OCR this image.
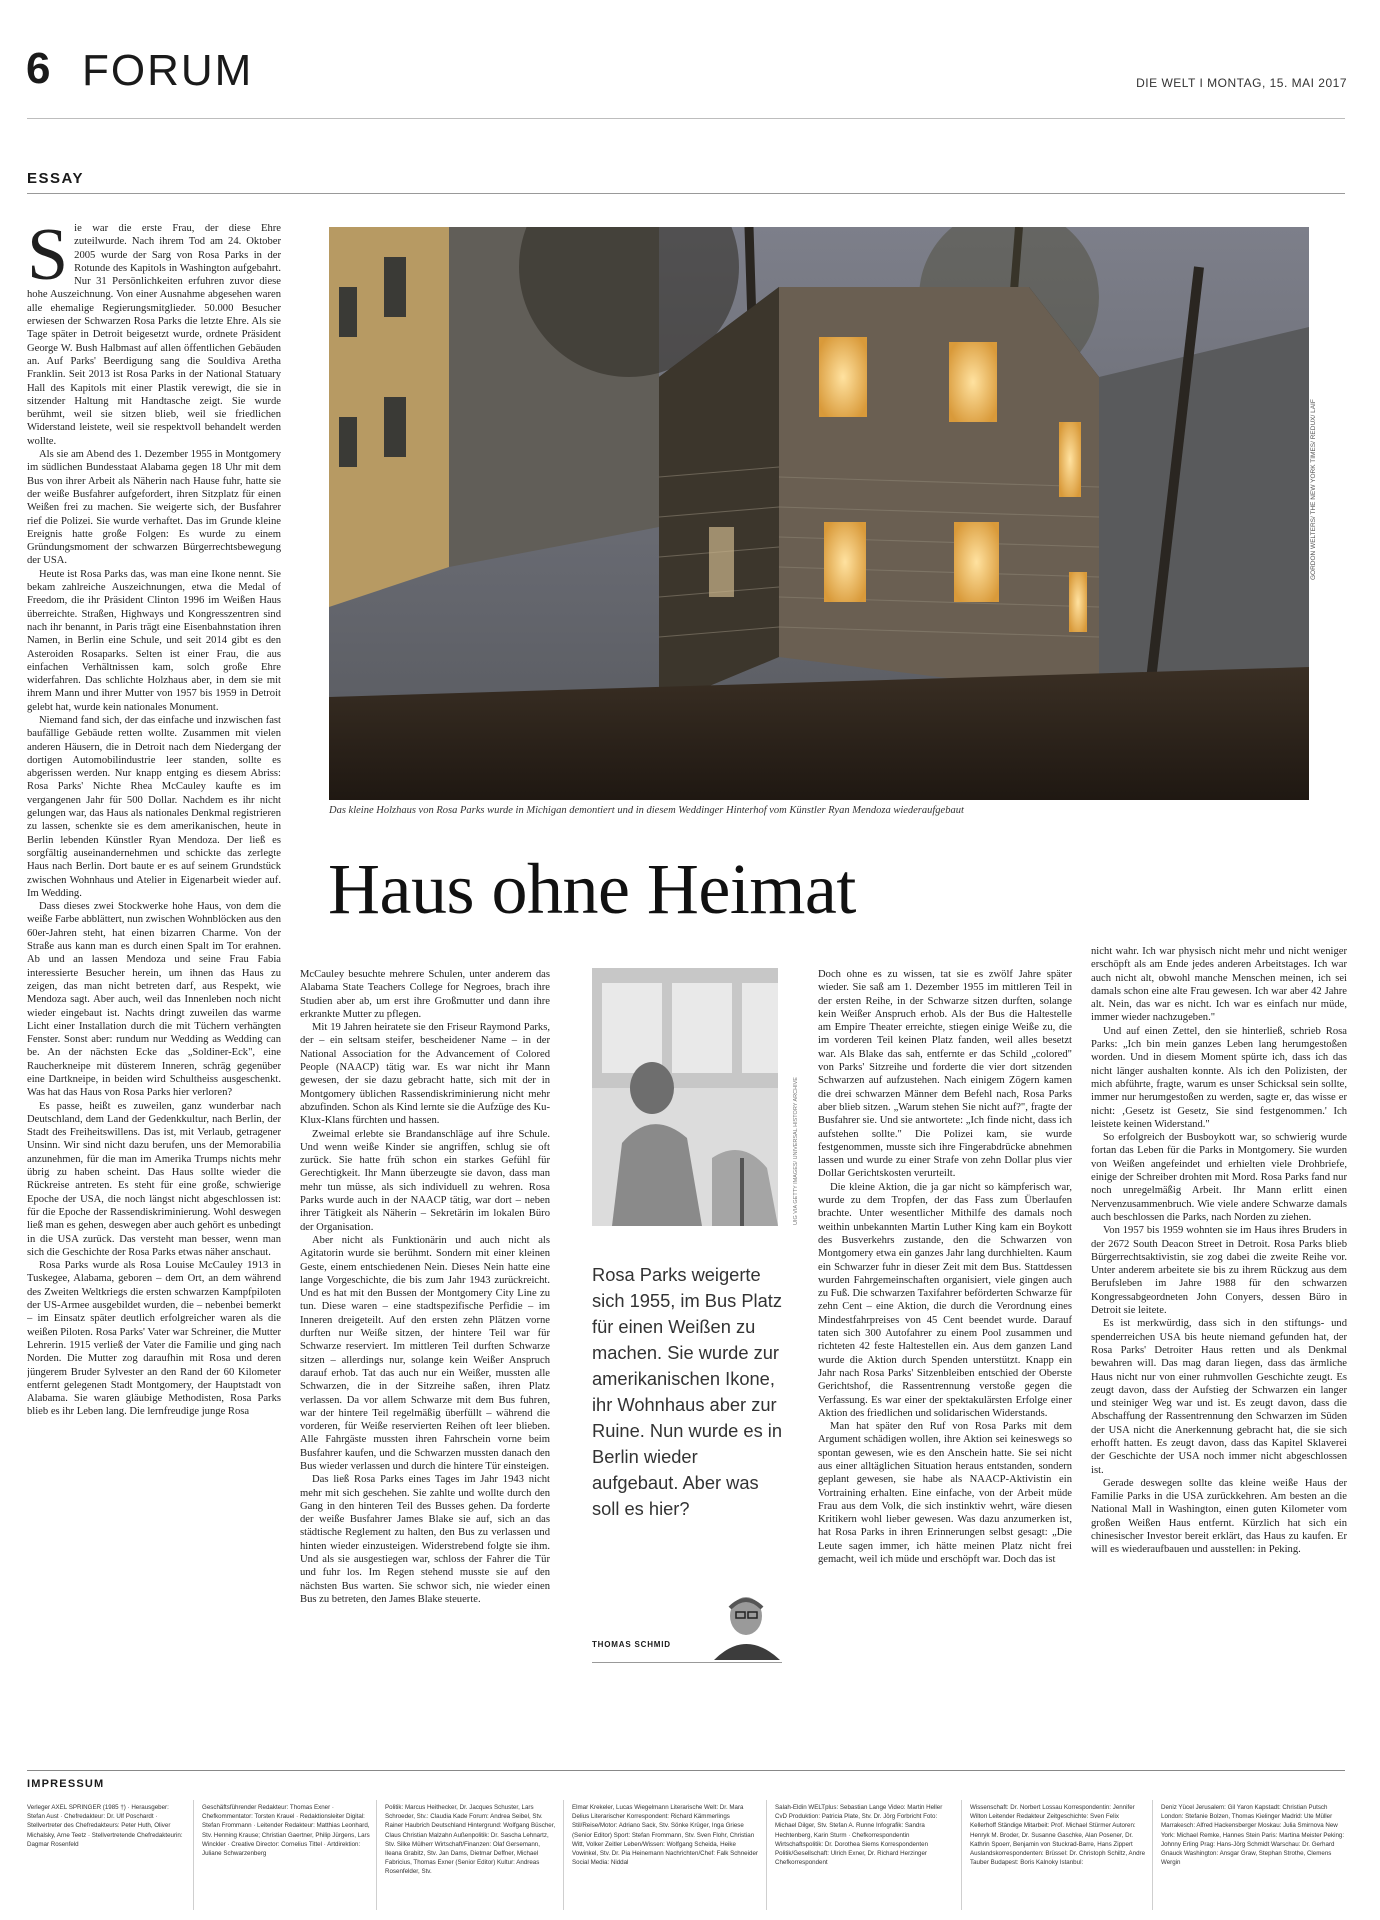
6 FORUM	DIE WELT I MONTAG, 15. MAI 2017
ESSAY
S ie war die erste Frau, der diese Ehre zuteilwurde. Nach ihrem Tod am 24. Oktober 2005 wurde der Sarg von Rosa Parks in der Rotunde des Kapitols in Washington aufgebahrt. Nur 31 Persönlichkeiten erfuhren zuvor diese hohe Auszeichnung. Von einer Ausnahme abgesehen waren alle ehemalige Regierungsmitglieder. 50.000 Besucher erwiesen der Schwarzen Rosa Parks die letzte Ehre. Als sie Tage später in Detroit beigesetzt wurde, ordnete Präsident George W. Bush Halbmast auf allen öffentlichen Gebäuden an. Auf Parks' Beerdigung sang die Souldiva Aretha Franklin. Seit 2013 ist Rosa Parks in der National Statuary Hall des Kapitols mit einer Plastik verewigt, die sie in sitzender Haltung mit Handtasche zeigt. Sie wurde berühmt, weil sie sitzen blieb, weil sie friedlichen Widerstand leistete, weil sie respektvoll behandelt werden wollte.

Als sie am Abend des 1. Dezember 1955 in Montgomery im südlichen Bundesstaat Alabama gegen 18 Uhr mit dem Bus von ihrer Arbeit als Näherin nach Hause fuhr, hatte sie der weiße Busfahrer aufgefordert, ihren Sitzplatz für einen Weißen frei zu machen. Sie weigerte sich, der Busfahrer rief die Polizei. Sie wurde verhaftet. Das im Grunde kleine Ereignis hatte große Folgen: Es wurde zu einem Gründungsmoment der schwarzen Bürgerrechtsbewegung der USA.

Heute ist Rosa Parks das, was man eine Ikone nennt. Sie bekam zahlreiche Auszeichnungen, etwa die Medal of Freedom, die ihr Präsident Clinton 1996 im Weißen Haus überreichte. Straßen, Highways und Kongresszentren sind nach ihr benannt, in Paris trägt eine Eisenbahnstation ihren Namen, in Berlin eine Schule, und seit 2014 gibt es den Asteroiden Rosaparks. Selten ist einer Frau, die aus einfachen Verhältnissen kam, solch große Ehre widerfahren. Das schlichte Holzhaus aber, in dem sie mit ihrem Mann und ihrer Mutter von 1957 bis 1959 in Detroit gelebt hat, wurde kein nationales Monument.

Niemand fand sich, der das einfache und inzwischen fast baufällige Gebäude retten wollte. Zusammen mit vielen anderen Häusern, die in Detroit nach dem Niedergang der dortigen Automobilindustrie leer standen, sollte es abgerissen werden. Nur knapp entging es diesem Abriss: Rosa Parks' Nichte Rhea McCauley kaufte es im vergangenen Jahr für 500 Dollar. Nachdem es ihr nicht gelungen war, das Haus als nationales Denkmal registrieren zu lassen, schenkte sie es dem amerikanischen, heute in Berlin lebenden Künstler Ryan Mendoza. Der ließ es sorgfältig auseinandernehmen und schickte das zerlegte Haus nach Berlin. Dort baute er es auf seinem Grundstück zwischen Wohnhaus und Atelier in Eigenarbeit wieder auf. Im Wedding.

Dass dieses zwei Stockwerke hohe Haus, von dem die weiße Farbe abblättert, nun zwischen Wohnblöcken aus den 60er-Jahren steht, hat einen bizarren Charme. Von der Straße aus kann man es durch einen Spalt im Tor erahnen. Ab und an lassen Mendoza und seine Frau Fabia interessierte Besucher herein, um ihnen das Haus zu zeigen, das man nicht betreten darf, aus Respekt, wie Mendoza sagt. Aber auch, weil das Innenleben noch nicht wieder eingebaut ist. Nachts dringt zuweilen das warme Licht einer Installation durch die mit Tüchern verhängten Fenster. Sonst aber: rundum nur Wedding as Wedding can be. An der nächsten Ecke das „Soldiner-Eck", eine Raucherkneipe mit düsterem Inneren, schräg gegenüber eine Dartkneipe, in beiden wird Schultheiss ausgeschenkt. Was hat das Haus von Rosa Parks hier verloren?

Es passe, heißt es zuweilen, ganz wunderbar nach Deutschland, dem Land der Gedenkkultur, nach Berlin, der Stadt des Freiheitswillens. Das ist, mit Verlaub, getragener Unsinn. Wir sind nicht dazu berufen, uns der Memorabilia anzunehmen, für die man im Amerika Trumps nichts mehr übrig zu haben scheint. Das Haus sollte wieder die Rückreise antreten. Es steht für eine große, schwierige Epoche der USA, die noch längst nicht abgeschlossen ist: für die Epoche der Rassendiskriminierung. Wohl deswegen ließ man es gehen, deswegen aber auch gehört es unbedingt in die USA zurück. Das versteht man besser, wenn man sich die Geschichte der Rosa Parks etwas näher anschaut.

Rosa Parks wurde als Rosa Louise McCauley 1913 in Tuskegee, Alabama, geboren – dem Ort, an dem während des Zweiten Weltkriegs die ersten schwarzen Kampfpiloten der US-Armee ausgebildet wurden, die – nebenbei bemerkt – im Einsatz später deutlich erfolgreicher waren als die weißen Piloten. Rosa Parks' Vater war Schreiner, die Mutter Lehrerin. 1915 verließ der Vater die Familie und ging nach Norden. Die Mutter zog daraufhin mit Rosa und deren jüngerem Bruder Sylvester an den Rand der 60 Kilometer entfernt gelegenen Stadt Montgomery, der Hauptstadt von Alabama. Sie waren gläubige Methodisten, Rosa Parks blieb es ihr Leben lang. Die lernfreudige junge Rosa

GORDON WELTERS/ THE NEW YORK TIMES/ REDUX/ LAIF
Das kleine Holzhaus von Rosa Parks wurde in Michigan demontiert und in diesem Weddinger Hinterhof vom Künstler Ryan Mendoza wiederaufgebaut
Haus ohne Heimat

McCauley besuchte mehrere Schulen, unter anderem das Alabama State Teachers College for Negroes, brach ihre Studien aber ab, um erst ihre Großmutter und dann ihre erkrankte Mutter zu pflegen.

Mit 19 Jahren heiratete sie den Friseur Raymond Parks, der – ein seltsam steifer, bescheidener Name – in der National Association for the Advancement of Colored People (NAACP) tätig war. Es war nicht ihr Mann gewesen, der sie dazu gebracht hatte, sich mit der in Montgomery üblichen Rassendiskriminierung nicht mehr abzufinden. Schon als Kind lernte sie die Aufzüge des Ku-Klux-Klans fürchten und hassen.

Zweimal erlebte sie Brandanschläge auf ihre Schule. Und wenn weiße Kinder sie angriffen, schlug sie oft zurück. Sie hatte früh schon ein starkes Gefühl für Gerechtigkeit. Ihr Mann überzeugte sie davon, dass man mehr tun müsse, als sich individuell zu wehren. Rosa Parks wurde auch in der NAACP tätig, war dort – neben ihrer Tätigkeit als Näherin – Sekretärin im lokalen Büro der Organisation.

Aber nicht als Funktionärin und auch nicht als Agitatorin wurde sie berühmt. Sondern mit einer kleinen Geste, einem entschiedenen Nein. Dieses Nein hatte eine lange Vorgeschichte, die bis zum Jahr 1943 zurückreicht. Und es hat mit den Bussen der Montgomery City Line zu tun. Diese waren – eine stadtspezifische Perfidie – im Inneren dreigeteilt. Auf den ersten zehn Plätzen vorne durften nur Weiße sitzen, der hintere Teil war für Schwarze reserviert. Im mittleren Teil durften Schwarze sitzen – allerdings nur, solange kein Weißer Anspruch darauf erhob. Tat das auch nur ein Weißer, mussten alle Schwarzen, die in der Sitzreihe saßen, ihren Platz verlassen. Da vor allem Schwarze mit dem Bus fuhren, war der hintere Teil regelmäßig überfüllt – während die vorderen, für Weiße reservierten Reihen oft leer blieben. Alle Fahrgäste mussten ihren Fahrschein vorne beim Busfahrer kaufen, und die Schwarzen mussten danach den Bus wieder verlassen und durch die hintere Tür einsteigen.

Das ließ Rosa Parks eines Tages im Jahr 1943 nicht mehr mit sich geschehen. Sie zahlte und wollte durch den Gang in den hinteren Teil des Busses gehen. Da forderte der weiße Busfahrer James Blake sie auf, sich an das städtische Reglement zu halten, den Bus zu verlassen und hinten wieder einzusteigen. Widerstrebend folgte sie ihm. Und als sie ausgestiegen war, schloss der Fahrer die Tür und fuhr los. Im Regen stehend musste sie auf den nächsten Bus warten. Sie schwor sich, nie wieder einen Bus zu betreten, den James Blake steuerte.

UIG VIA GETTY IMAGES/ UNIVERSAL HISTORY ARCHIVE
Rosa Parks weigerte sich 1955, im Bus Platz für einen Weißen zu machen. Sie wurde zur amerikanischen Ikone, ihr Wohnhaus aber zur Ruine. Nun wurde es in Berlin wieder aufgebaut. Aber was soll es hier?
THOMAS SCHMID

Doch ohne es zu wissen, tat sie es zwölf Jahre später wieder. Sie saß am 1. Dezember 1955 im mittleren Teil in der ersten Reihe, in der Schwarze sitzen durften, solange kein Weißer Anspruch erhob. Als der Bus die Haltestelle am Empire Theater erreichte, stiegen einige Weiße zu, die im vorderen Teil keinen Platz fanden, weil alles besetzt war. Als Blake das sah, entfernte er das Schild „colored" von Parks' Sitzreihe und forderte die vier dort sitzenden Schwarzen auf aufzustehen. Nach einigem Zögern kamen die drei schwarzen Männer dem Befehl nach, Rosa Parks aber blieb sitzen. „Warum stehen Sie nicht auf?", fragte der Busfahrer sie. Und sie antwortete: „Ich finde nicht, dass ich aufstehen sollte." Die Polizei kam, sie wurde festgenommen, musste sich ihre Fingerabdrücke abnehmen lassen und wurde zu einer Strafe von zehn Dollar plus vier Dollar Gerichtskosten verurteilt.

Die kleine Aktion, die ja gar nicht so kämpferisch war, wurde zu dem Tropfen, der das Fass zum Überlaufen brachte. Unter wesentlicher Mithilfe des damals noch weithin unbekannten Martin Luther King kam ein Boykott des Busverkehrs zustande, den die Schwarzen von Montgomery etwa ein ganzes Jahr lang durchhielten. Kaum ein Schwarzer fuhr in dieser Zeit mit dem Bus. Stattdessen wurden Fahrgemeinschaften organisiert, viele gingen auch zu Fuß. Die schwarzen Taxifahrer beförderten Schwarze für zehn Cent – eine Aktion, die durch die Verordnung eines Mindestfahrpreises von 45 Cent beendet wurde. Darauf taten sich 300 Autofahrer zu einem Pool zusammen und richteten 42 feste Haltestellen ein. Aus dem ganzen Land wurde die Aktion durch Spenden unterstützt. Knapp ein Jahr nach Rosa Parks' Sitzenbleiben entschied der Oberste Gerichtshof, die Rassentrennung verstoße gegen die Verfassung. Es war einer der spektakulärsten Erfolge einer Aktion des friedlichen und solidarischen Widerstands.

Man hat später den Ruf von Rosa Parks mit dem Argument schädigen wollen, ihre Aktion sei keineswegs so spontan gewesen, wie es den Anschein hatte. Sie sei nicht aus einer alltäglichen Situation heraus entstanden, sondern geplant gewesen, sie habe als NAACP-Aktivistin ein Vortraining erhalten. Eine einfache, von der Arbeit müde Frau aus dem Volk, die sich instinktiv wehrt, wäre diesen Kritikern wohl lieber gewesen. Was dazu anzumerken ist, hat Rosa Parks in ihren Erinnerungen selbst gesagt: „Die Leute sagen immer, ich hätte meinen Platz nicht frei gemacht, weil ich müde und erschöpft war. Doch das ist

nicht wahr. Ich war physisch nicht mehr und nicht weniger erschöpft als am Ende jedes anderen Arbeitstages. Ich war auch nicht alt, obwohl manche Menschen meinen, ich sei damals schon eine alte Frau gewesen. Ich war aber 42 Jahre alt. Nein, das war es nicht. Ich war es einfach nur müde, immer wieder nachzugeben."

Und auf einen Zettel, den sie hinterließ, schrieb Rosa Parks: „Ich bin mein ganzes Leben lang herumgestoßen worden. Und in diesem Moment spürte ich, dass ich das nicht länger aushalten konnte. Als ich den Polizisten, der mich abführte, fragte, warum es unser Schicksal sein sollte, immer nur herumgestoßen zu werden, sagte er, das wisse er nicht: ‚Gesetz ist Gesetz, Sie sind festgenommen.' Ich leistete keinen Widerstand."

So erfolgreich der Busboykott war, so schwierig wurde fortan das Leben für die Parks in Montgomery. Sie wurden von Weißen angefeindet und erhielten viele Drohbriefe, einige der Schreiber drohten mit Mord. Rosa Parks fand nur noch unregelmäßig Arbeit. Ihr Mann erlitt einen Nervenzusammenbruch. Wie viele andere Schwarze damals auch beschlossen die Parks, nach Norden zu ziehen.

Von 1957 bis 1959 wohnten sie im Haus ihres Bruders in der 2672 South Deacon Street in Detroit. Rosa Parks blieb Bürgerrechtsaktivistin, sie zog dabei die zweite Reihe vor. Unter anderem arbeitete sie bis zu ihrem Rückzug aus dem Berufsleben im Jahre 1988 für den schwarzen Kongressabgeordneten John Conyers, dessen Büro in Detroit sie leitete.

Es ist merkwürdig, dass sich in den stiftungs- und spenderreichen USA bis heute niemand gefunden hat, der Rosa Parks' Detroiter Haus retten und als Denkmal bewahren will. Das mag daran liegen, dass das ärmliche Haus nicht nur von einer ruhmvollen Geschichte zeugt. Es zeugt davon, dass der Aufstieg der Schwarzen ein langer und steiniger Weg war und ist. Es zeugt davon, dass die Abschaffung der Rassentrennung den Schwarzen im Süden der USA nicht die Anerkennung gebracht hat, die sie sich erhofft hatten. Es zeugt davon, dass das Kapitel Sklaverei der Geschichte der USA noch immer nicht abgeschlossen ist.

Gerade deswegen sollte das kleine weiße Haus der Familie Parks in die USA zurückkehren. Am besten an die National Mall in Washington, einen guten Kilometer vom großen Weißen Haus entfernt. Kürzlich hat sich ein chinesischer Investor bereit erklärt, das Haus zu kaufen. Er will es wiederaufbauen und ausstellen: in Peking.

IMPRESSUM
Verleger AXEL SPRINGER (1985 †) · Herausgeber: Stefan Aust · Chefredakteur: Dr. Ulf Poschardt · Stellvertreter des Chefredakteurs: Peter Huth, Oliver Michalsky, Arne Teetz · Stellvertretende Chefredakteurin: Dagmar Rosenfeld
Geschäftsführender Redakteur: Thomas Exner · Chefkommentator: Torsten Krauel · Redaktionsleiter Digital: Stefan Frommann · Leitender Redakteur: Matthias Leonhard, Stv. Henning Krause; Christian Gaertner, Philip Jürgens, Lars Winckler · Creative Director: Cornelius Tittel · Artdirektion: Juliane Schwarzenberg
Politik: Marcus Heithecker, Dr. Jacques Schuster, Lars Schroeder, Stv.: Claudia Kade Forum: Andrea Seibel, Stv. Rainer Haubrich Deutschland Hintergrund: Wolfgang Büscher, Claus Christian Malzahn Außenpolitik: Dr. Sascha Lehnartz, Stv. Silke Mülherr Wirtschaft/Finanzen: Olaf Gersemann, Ileana Grabitz, Stv. Jan Dams, Dietmar Deffner, Michael Fabricius, Thomas Exner (Senior Editor) Kultur: Andreas Rosenfelder, Stv.
Elmar Krekeler, Lucas Wiegelmann Literarische Welt: Dr. Mara Delius Literarischer Korrespondent: Richard Kämmerlings Stil/Reise/Motor: Adriano Sack, Stv. Sönke Krüger, Inga Griese (Senior Editor) Sport: Stefan Frommann, Stv. Sven Flohr, Christian Witt, Volker Zeitler Leben/Wissen: Wolfgang Scheida, Heike Vowinkel, Stv. Dr. Pia Heinemann Nachrichten/Chef: Falk Schneider Social Media: Niddal
Salah-Eldin WELTplus: Sebastian Lange Video: Martin Heller CvD Produktion: Patricia Plate, Stv. Dr. Jörg Forbricht Foto: Michael Dilger, Stv. Stefan A. Runne Infografik: Sandra Hechtenberg, Karin Sturm · Chefkorrespondentin Wirtschaftspolitik: Dr. Dorothea Siems Korrespondenten Politik/Gesellschaft: Ulrich Exner, Dr. Richard Herzinger Chefkorrespondent
Wissenschaft: Dr. Norbert Lossau Korrespondentin: Jennifer Wilton Leitender Redakteur Zeitgeschichte: Sven Felix Kellerhoff Ständige Mitarbeit: Prof. Michael Stürmer Autoren: Henryk M. Broder, Dr. Susanne Gaschke, Alan Posener, Dr. Kathrin Spoerr, Benjamin von Stuckrad-Barre, Hans Zippert Auslandskorrespondenten: Brüssel: Dr. Christoph Schiltz, Andre Tauber Budapest: Boris Kalnoky Istanbul:
Deniz Yücel Jerusalem: Gil Yaron Kapstadt: Christian Putsch London: Stefanie Bolzen, Thomas Kielinger Madrid: Ute Müller Marrakesch: Alfred Hackensberger Moskau: Julia Smirnova New York: Michael Remke, Hannes Stein Paris: Martina Meister Peking: Johnny Erling Prag: Hans-Jörg Schmidt Warschau: Dr. Gerhard Gnauck Washington: Ansgar Graw, Stephan Strothe, Clemens Wergin
